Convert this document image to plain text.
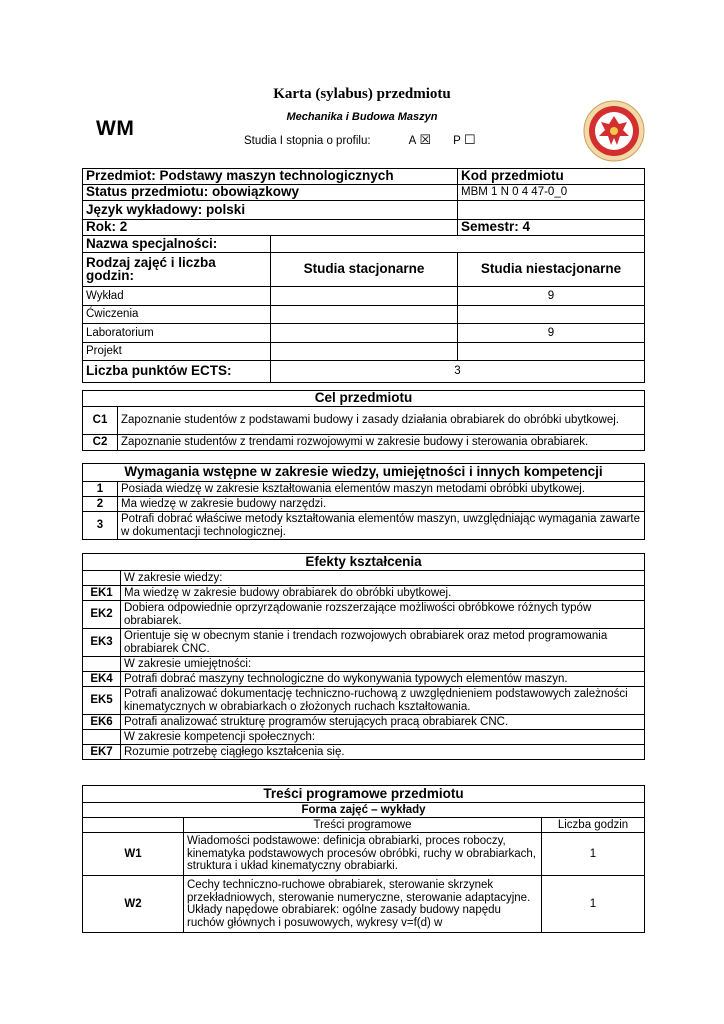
WM
Karta (sylabus) przedmiotu
Mechanika i Budowa Maszyn
Studia I stopnia o profilu:	A ☒ P ☐
Przedmiot: Podstawy maszyn technologicznych		Kod przedmiotu
Status przedmiotu: obowiązkowy		MBM 1 N 0 4 47-0_0
Język wykładowy: polski		
Rok: 2		Semestr: 4
Nazwa specjalności:		
Rodzaj zajęć i liczba godzin:	Studia stacjonarne	Studia niestacjonarne
Wykład		9
Ćwiczenia		
Laboratorium		9
Projekt		
Liczba punktów ECTS:	3	
Cel przedmiotu	
C1	Zapoznanie studentów z podstawami budowy i zasady działania obrabiarek do obróbki ubytkowej.
C2	Zapoznanie studentów z trendami rozwojowymi w zakresie budowy i sterowania obrabiarek.
Wymagania wstępne w zakresie wiedzy, umiejętności i innych kompetencji	
1	Posiada wiedzę w zakresie kształtowania elementów maszyn metodami obróbki ubytkowej.
2	Ma wiedzę w zakresie budowy narzędzi.
3	Potrafi dobrać właściwe metody kształtowania elementów maszyn, uwzględniając wymagania zawarte w dokumentacji technologicznej.
Efekty kształcenia	
	W zakresie wiedzy:
EK1	Ma wiedzę w zakresie budowy obrabiarek do obróbki ubytkowej.
EK2	Dobiera odpowiednie oprzyrządowanie rozszerzające możliwości obróbkowe różnych typów obrabiarek.
EK3	Orientuje się w obecnym stanie i trendach rozwojowych obrabiarek oraz metod programowania obrabiarek CNC.
	W zakresie umiejętności:
EK4	Potrafi dobrać maszyny technologiczne do wykonywania typowych elementów maszyn.
EK5	Potrafi analizować dokumentację techniczno-ruchową z uwzględnieniem podstawowych zależności kinematycznych w obrabiarkach o złożonych ruchach kształtowania.
EK6	Potrafi analizować strukturę programów sterujących pracą obrabiarek CNC.
	W zakresie kompetencji społecznych:
EK7	Rozumie potrzebę ciągłego kształcenia się.
Treści programowe przedmiotu		
Forma zajęć – wykłady		
	Treści programowe	Liczba godzin
W1	Wiadomości podstawowe: definicja obrabiarki, proces roboczy, kinematyka podstawowych procesów obróbki, ruchy w obrabiarkach, struktura i układ kinematyczny obrabiarki.	1
W2	Cechy techniczno-ruchowe obrabiarek, sterowanie skrzynek przekładniowych, sterowanie numeryczne, sterowanie adaptacyjne. Układy napędowe obrabiarek: ogólne zasady budowy napędu ruchów głównych i posuwowych, wykresy v=f(d) w	1
